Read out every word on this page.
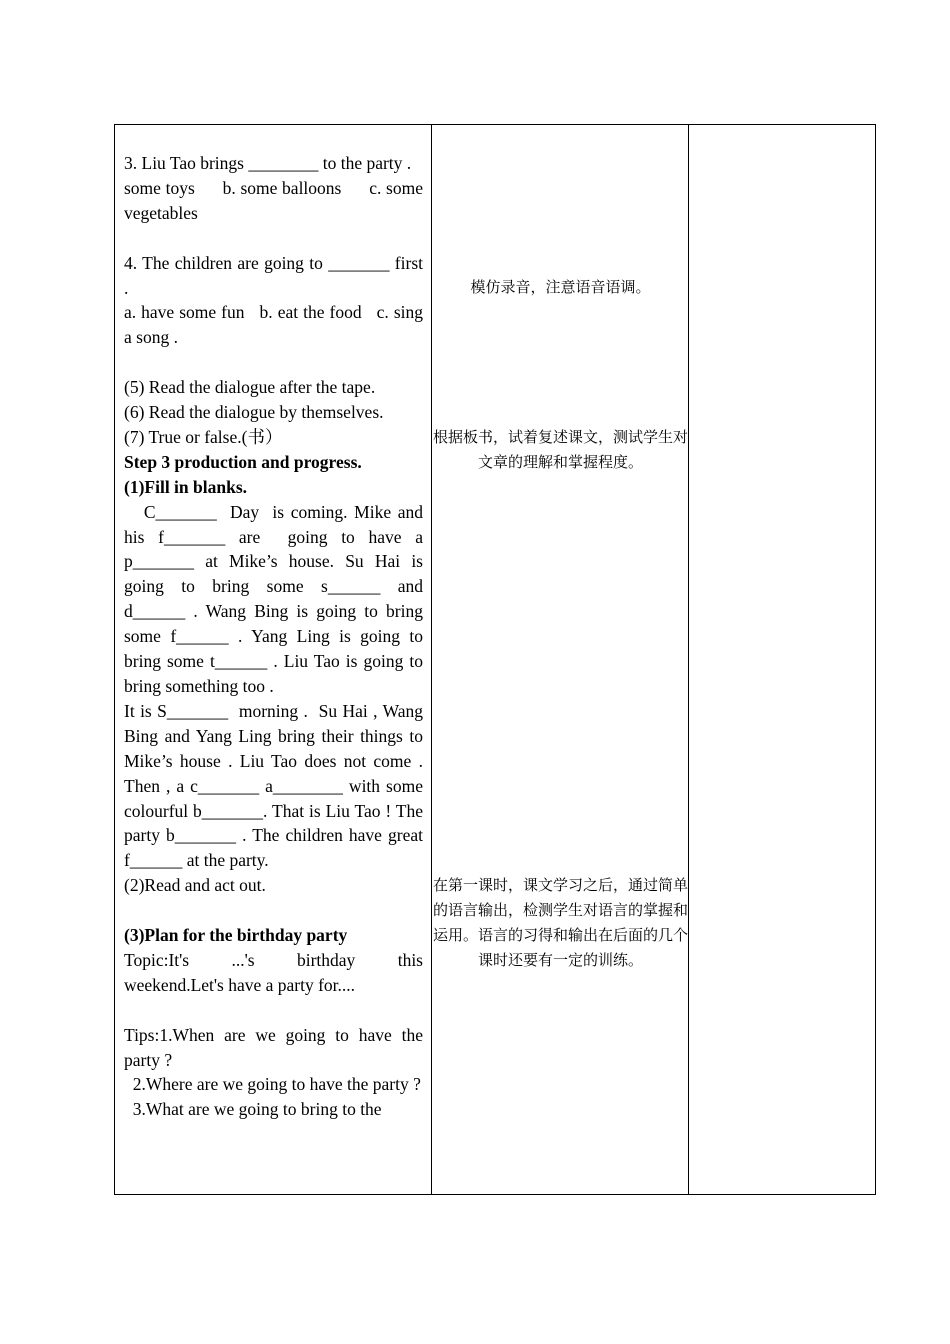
3. Liu Tao brings ________ to the party .

some toys      b. some balloons      c. some vegetables

4. The children are going to _______ first .

a. have some fun   b. eat the food   c. sing a song .

(5) Read the dialogue after the tape.

(6) Read the dialogue by themselves.

(7) True or false.(书）

Step 3 production and progress.

(1)Fill in blanks.

C_______  Day  is coming. Mike and his f_______ are  going to have a p_______ at Mike’s house. Su Hai is going to bring some s______ and d______ . Wang Bing is going to bring some f______ . Yang Ling is going to bring some t______ . Liu Tao is going to bring something too .

It is S_______  morning .  Su Hai , Wang Bing and Yang Ling bring their things to Mike’s house . Liu Tao does not come . Then , a c_______ a________ with some colourful b_______. That is Liu Tao ! The party b_______ . The children have great f______ at the party.

(2)Read and act out.

(3)Plan for the birthday party

Topic:It's  ...'s  birthday  this weekend.Let's have a party for....

Tips:1.When are we going to have the party ?

2.Where are we going to have the party ?

3.What are we going to bring to the

模仿录音，注意语音语调。
根据板书，试着复述课文，测试学生对文章的理解和掌握程度。
在第一课时，课文学习之后，通过简单的语言输出，检测学生对语言的掌握和运用。语言的习得和输出在后面的几个课时还要有一定的训练。
